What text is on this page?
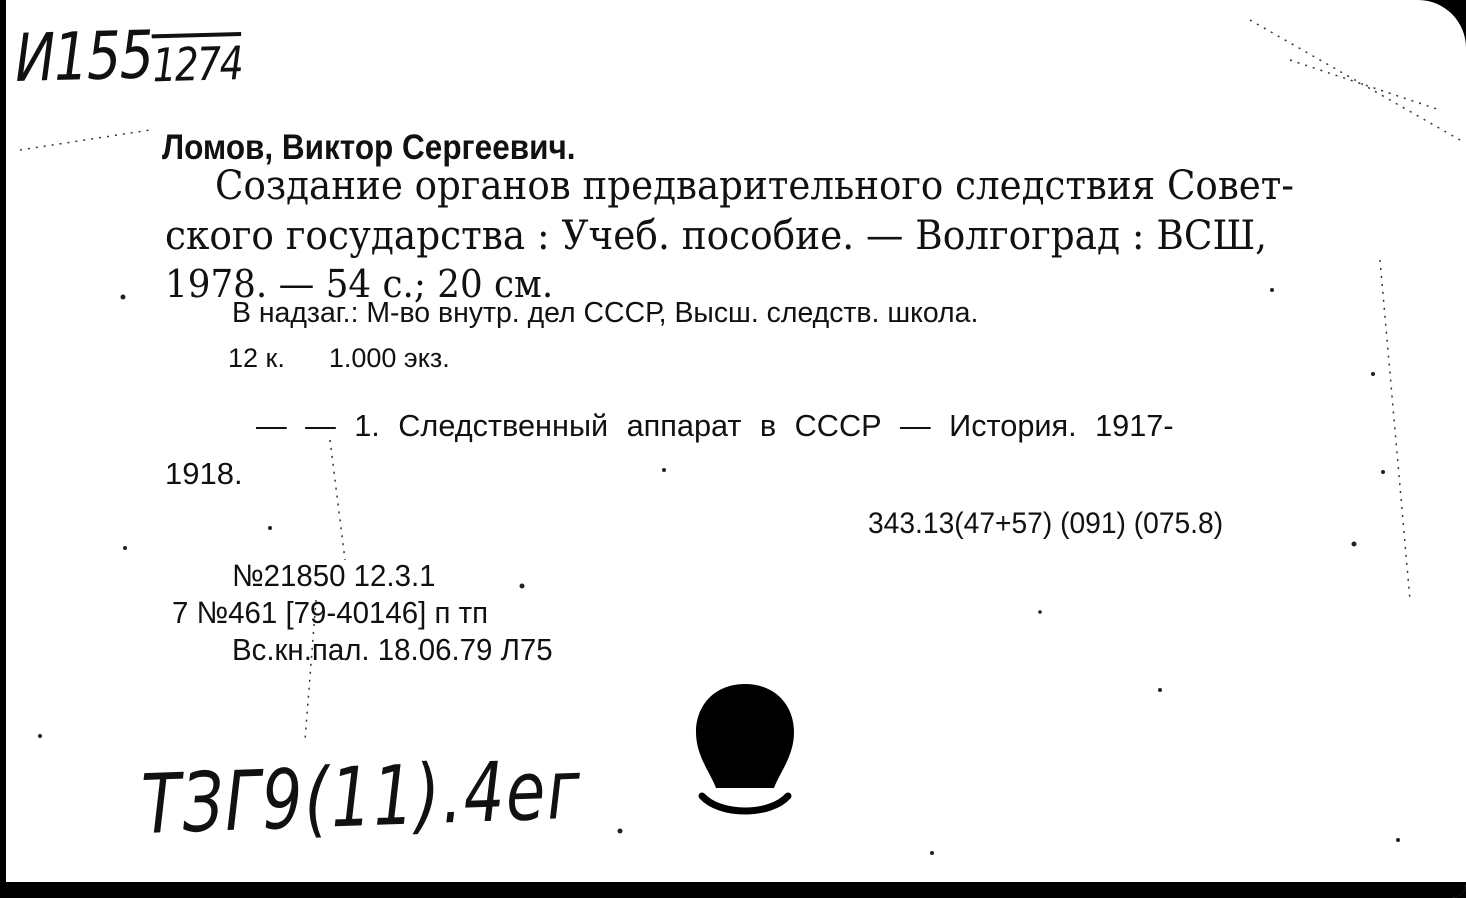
И1551274

Ломов, Виктор Сергеевич.

Создание органов предварительного следствия Совет-

ского государства : Учеб. пособие. — Волгоград : ВСШ,

1978. — 54 с.; 20 см.

В надзаг.: М-во внутр. дел СССР, Высш. следств. школа.

12 к. 1.000 экз.

— — 1. Следственный аппарат в СССР — История. 1917-

1918.

343.13(47+57) (091) (075.8)

№21850 12.3.1

7 №461 [79-40146] п тп

Вс.кн.пал. 18.06.79 Л75

ТЗГ9(11).4ег
